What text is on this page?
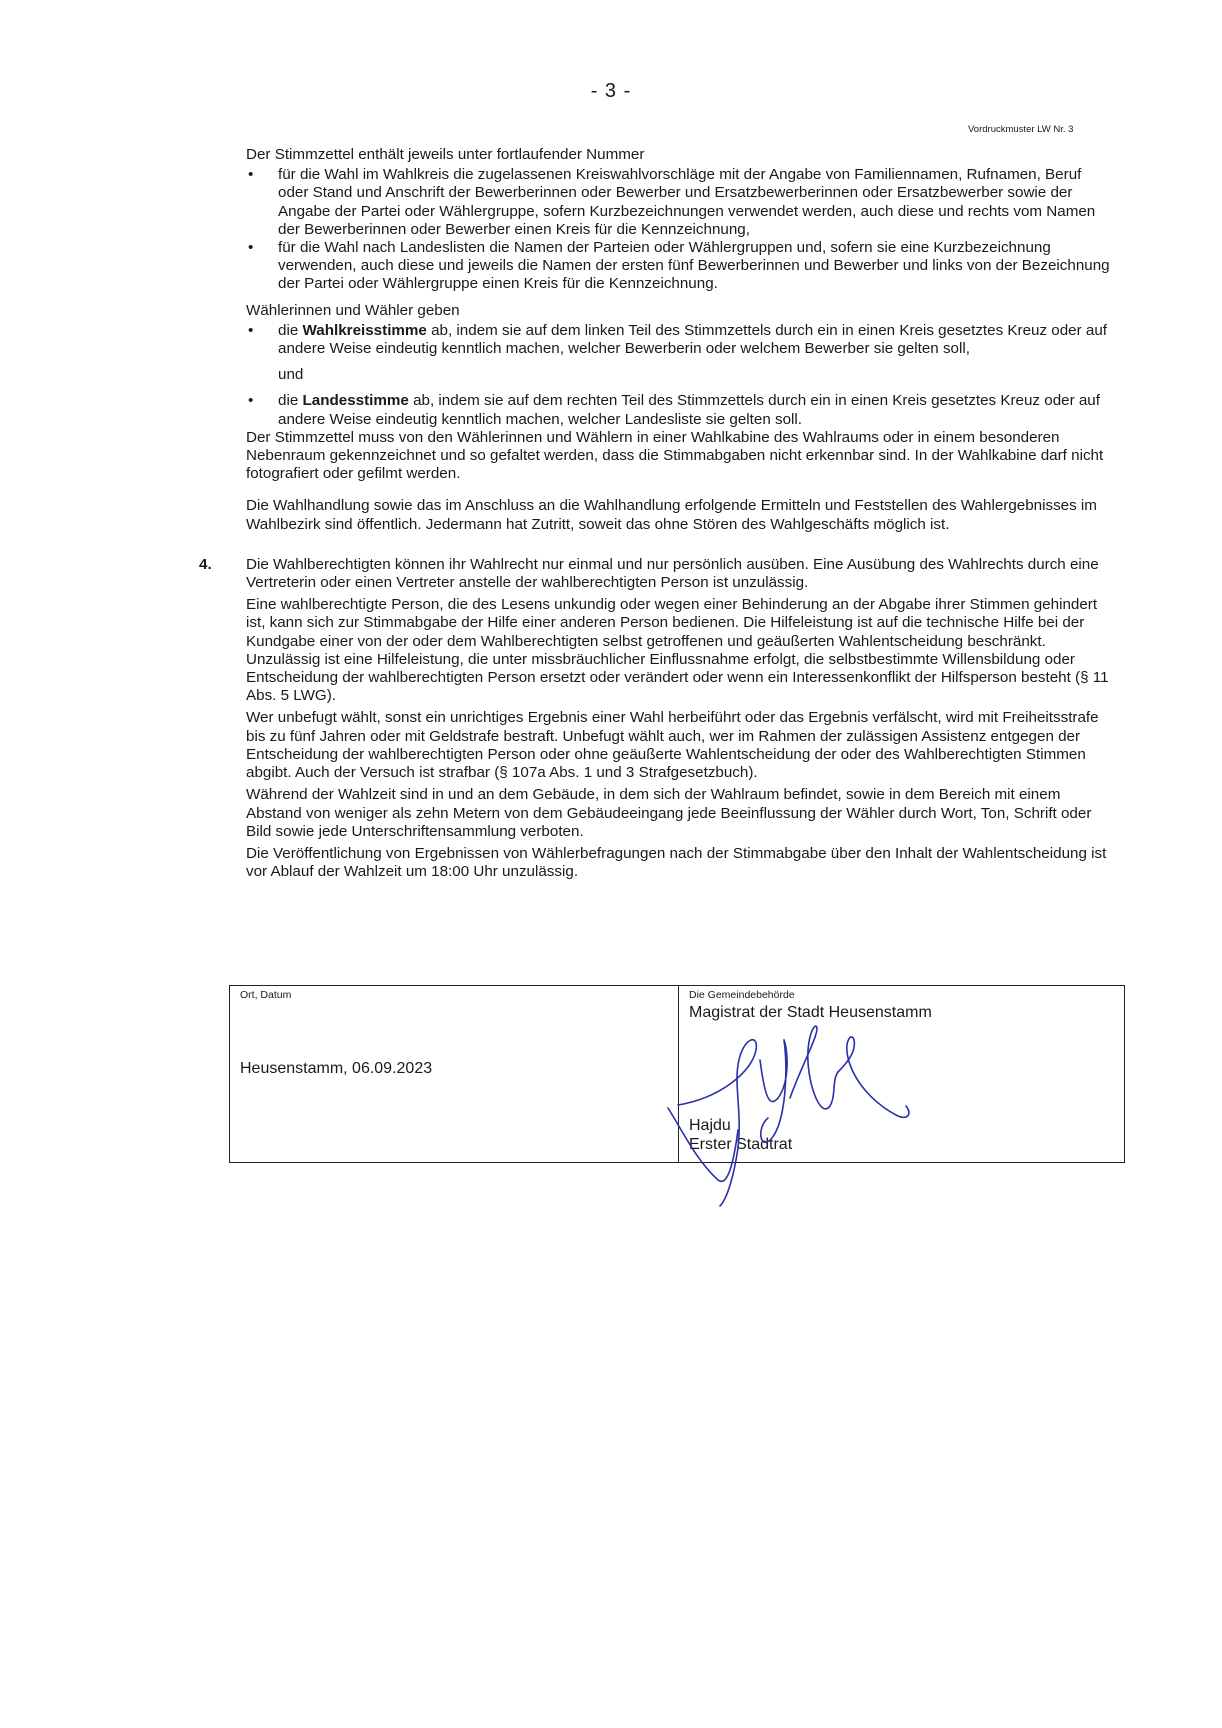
- 3 -
Vordruckmuster LW Nr. 3

Der Stimmzettel enthält jeweils unter fortlaufender Nummer

• für die Wahl im Wahlkreis die zugelassenen Kreiswahlvorschläge mit der Angabe von Familiennamen, Rufnamen, Beruf oder Stand und Anschrift der Bewerberinnen oder Bewerber und Ersatzbewerberinnen oder Ersatzbewerber sowie der Angabe der Partei oder Wählergruppe, sofern Kurzbezeichnungen verwendet werden, auch diese und rechts vom Namen der Bewerberinnen oder Bewerber einen Kreis für die Kennzeichnung,
• für die Wahl nach Landeslisten die Namen der Parteien oder Wählergruppen und, sofern sie eine Kurzbezeichnung verwenden, auch diese und jeweils die Namen der ersten fünf Bewerberinnen und Bewerber und links von der Bezeichnung der Partei oder Wählergruppe einen Kreis für die Kennzeichnung.

Wählerinnen und Wähler geben

• die Wahlkreisstimme ab, indem sie auf dem linken Teil des Stimmzettels durch ein in einen Kreis gesetztes Kreuz oder auf andere Weise eindeutig kenntlich machen, welcher Bewerberin oder welchem Bewerber sie gelten soll,

und

• die Landesstimme ab, indem sie auf dem rechten Teil des Stimmzettels durch ein in einen Kreis gesetztes Kreuz oder auf andere Weise eindeutig kenntlich machen, welcher Landesliste sie gelten soll.

Der Stimmzettel muss von den Wählerinnen und Wählern in einer Wahlkabine des Wahlraums oder in einem besonderen Nebenraum gekennzeichnet und so gefaltet werden, dass die Stimmabgaben nicht erkennbar sind. In der Wahlkabine darf nicht fotografiert oder gefilmt werden.

Die Wahlhandlung sowie das im Anschluss an die Wahlhandlung erfolgende Ermitteln und Feststellen des Wahlergebnisses im Wahlbezirk sind öffentlich. Jedermann hat Zutritt, soweit das ohne Stören des Wahlgeschäfts möglich ist.

4. Die Wahlberechtigten können ihr Wahlrecht nur einmal und nur persönlich ausüben. Eine Ausübung des Wahlrechts durch eine Vertreterin oder einen Vertreter anstelle der wahlberechtigten Person ist unzulässig.

Eine wahlberechtigte Person, die des Lesens unkundig oder wegen einer Behinderung an der Abgabe ihrer Stimmen gehindert ist, kann sich zur Stimmabgabe der Hilfe einer anderen Person bedienen. Die Hilfeleistung ist auf die technische Hilfe bei der Kundgabe einer von der oder dem Wahlberechtigten selbst getroffenen und geäußerten Wahlentscheidung beschränkt. Unzulässig ist eine Hilfeleistung, die unter missbräuchlicher Einflussnahme erfolgt, die selbstbestimmte Willensbildung oder Entscheidung der wahlberechtigten Person ersetzt oder verändert oder wenn ein Interessenkonflikt der Hilfsperson besteht (§ 11 Abs. 5 LWG).

Wer unbefugt wählt, sonst ein unrichtiges Ergebnis einer Wahl herbeiführt oder das Ergebnis verfälscht, wird mit Freiheitsstrafe bis zu fünf Jahren oder mit Geldstrafe bestraft. Unbefugt wählt auch, wer im Rahmen der zulässigen Assistenz entgegen der Entscheidung der wahlberechtigten Person oder ohne geäußerte Wahlentscheidung der oder des Wahlberechtigten Stimmen abgibt. Auch der Versuch ist strafbar (§ 107a Abs. 1 und 3 Strafgesetzbuch).

Während der Wahlzeit sind in und an dem Gebäude, in dem sich der Wahlraum befindet, sowie in dem Bereich mit einem Abstand von weniger als zehn Metern von dem Gebäudeeingang jede Beeinflussung der Wähler durch Wort, Ton, Schrift oder Bild sowie jede Unterschriftensammlung verboten.

Die Veröffentlichung von Ergebnissen von Wählerbefragungen nach der Stimmabgabe über den Inhalt der Wahlentscheidung ist vor Ablauf der Wahlzeit um 18:00 Uhr unzulässig.

Ort, Datum
Heusenstamm, 06.09.2023
Die Gemeindebehörde
Magistrat der Stadt Heusenstamm
Hajdu
Erster Stadtrat
